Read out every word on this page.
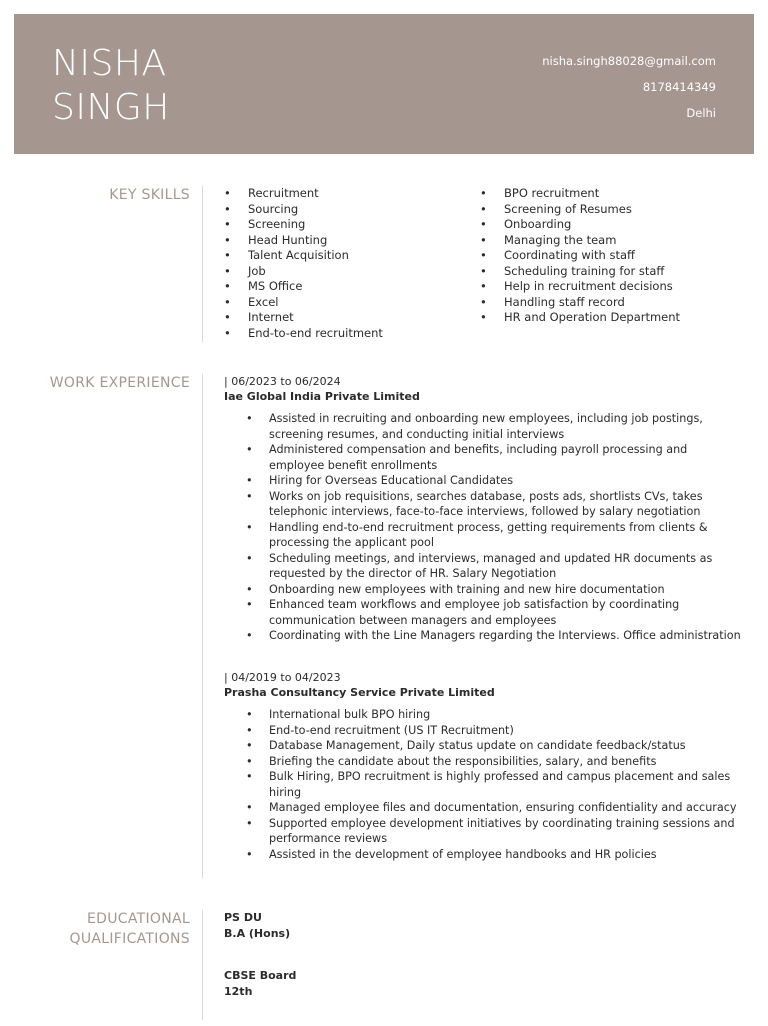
NISHA
SINGH
nisha.singh88028@gmail.com
8178414349
Delhi
KEY SKILLS
•	Recruitment
• Sourcing
• Screening
• Head Hunting
• Talent Acquisition
• Job
• MS Office
• Excel
• Internet
• End-to-end recruitment
• BPO recruitment
• Screening of Resumes
• Onboarding
• Managing the team
• Coordinating with staff
• Scheduling training for staff
• Help in recruitment decisions
• Handling staff record
• HR and Operation Department
WORK EXPERIENCE	| 06/2023 to 06/2024
Iae Global India Private Limited
• Assisted in recruiting and onboarding new employees, including job postings, screening resumes, and conducting initial interviews
• Administered compensation and benefits, including payroll processing and employee benefit enrollments
• Hiring for Overseas Educational Candidates
• Works on job requisitions, searches database, posts ads, shortlists CVs, takes telephonic interviews, face-to-face interviews, followed by salary negotiation
• Handling end-to-end recruitment process, getting requirements from clients & processing the applicant pool
• Scheduling meetings, and interviews, managed and updated HR documents as requested by the director of HR. Salary Negotiation
• Onboarding new employees with training and new hire documentation
• Enhanced team workflows and employee job satisfaction by coordinating communication between managers and employees
• Coordinating with the Line Managers regarding the Interviews. Office administration
| 04/2019 to 04/2023
Prasha Consultancy Service Private Limited
• International bulk BPO hiring
• End-to-end recruitment (US IT Recruitment)
• Database Management, Daily status update on candidate feedback/status
• Briefing the candidate about the responsibilities, salary, and benefits
• Bulk Hiring, BPO recruitment is highly professed and campus placement and sales hiring
• Managed employee files and documentation, ensuring confidentiality and accuracy
• Supported employee development initiatives by coordinating training sessions and performance reviews
• Assisted in the development of employee handbooks and HR policies
EDUCATIONAL
QUALIFICATIONS
PS DU
B.A (Hons)
CBSE Board
12th
